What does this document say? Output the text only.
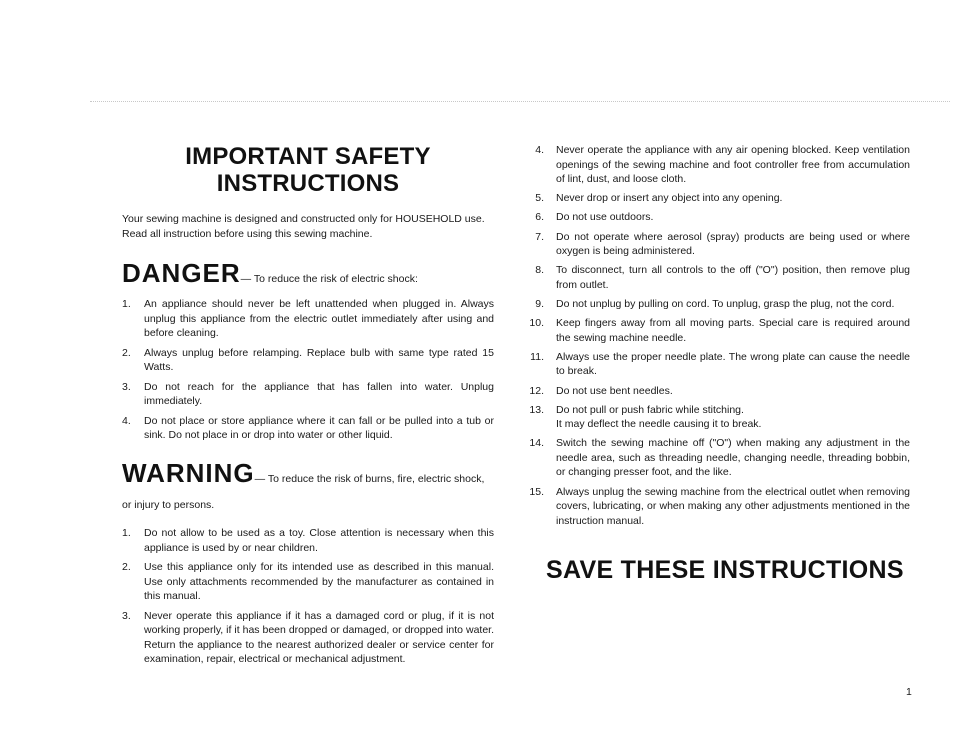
IMPORTANT SAFETY
INSTRUCTIONS
Your sewing machine is designed and constructed only for HOUSEHOLD use.
Read all instruction before using this sewing machine.
DANGER— To reduce the risk of electric shock:
1.	An appliance should never be left unattended when plugged in. Always unplug this appliance from the electric outlet immediately after using and before cleaning.
2.	Always unplug before relamping. Replace bulb with same type rated 15 Watts.
3.	Do not reach for the appliance that has fallen into water. Unplug immediately.
4.	Do not place or store appliance where it can fall or be pulled into a tub or sink. Do not place in or drop into water or other liquid.
WARNING— To reduce the risk of burns, fire, electric shock,
or injury to persons.
1.	Do not allow to be used as a toy. Close attention is necessary when this appliance is used by or near children.
2.	Use this appliance only for its intended use as described in this manual. Use only attachments recommended by the manufacturer as contained in this manual.
3.	Never operate this appliance if it has a damaged cord or plug, if it is not working properly, if it has been dropped or damaged, or dropped into water. Return the appliance to the nearest authorized dealer or service center for examination, repair, electrical or mechanical adjustment.
4. Never operate the appliance with any air opening blocked. Keep ventilation openings of the sewing machine and foot controller free from accumulation of lint, dust, and loose cloth.
5. Never drop or insert any object into any opening.
6. Do not use outdoors.
7. Do not operate where aerosol (spray) products are being used or where oxygen is being administered.
8. To disconnect, turn all controls to the off ("O") position, then remove plug from outlet.
9. Do not unplug by pulling on cord. To unplug, grasp the plug, not the cord.
10. Keep fingers away from all moving parts. Special care is required around the sewing machine needle.
11. Always use the proper needle plate. The wrong plate can cause the needle to break.
12. Do not use bent needles.
13. Do not pull or push fabric while stitching.
It may deflect the needle causing it to break.
14. Switch the sewing machine off ("O") when making any adjustment in the needle area, such as threading needle, changing needle, threading bobbin, or changing presser foot, and the like.
15. Always unplug the sewing machine from the electrical outlet when removing covers, lubricating, or when making any other adjustments mentioned in the instruction manual.
SAVE THESE INSTRUCTIONS
1
